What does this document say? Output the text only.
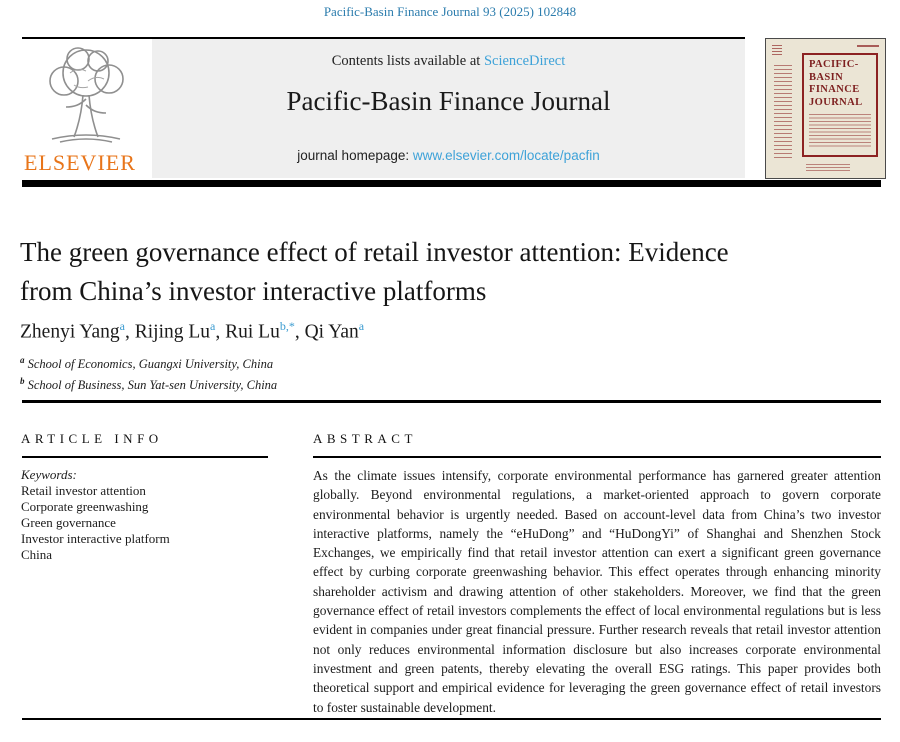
Pacific-Basin Finance Journal 93 (2025) 102848
ELSEVIER
Contents lists available at ScienceDirect
Pacific-Basin Finance Journal
journal homepage: www.elsevier.com/locate/pacfin
PACIFIC-
BASIN
FINANCE
JOURNAL
The green governance effect of retail investor attention: Evidence
from China’s investor interactive platforms
Zhenyi Yang$^a$, Rijing Lu$^a$, Rui $Lu^{b,*}$, Qi Yan$^a$
$^a$ School of Economics, Guangxi University, China
$^b$ School of Business, Sun Yat-sen University, China
ARTICLE INFO	ABSTRACT
Keywords:
Retail investor attention
Corporate greenwashing
Green governance
Investor interactive platform
China
As the climate issues intensify, corporate environmental performance has garnered greater attention globally. Beyond environmental regulations, a market-oriented approach to govern corporate environmental behavior is urgently needed. Based on account-level data from China’s two investor interactive platforms, namely the “eHuDong” and “HuDongYi” of Shanghai and Shenzhen Stock Exchanges, we empirically find that retail investor attention can exert a significant green governance effect by curbing corporate greenwashing behavior. This effect operates through enhancing minority shareholder activism and drawing attention of other stakeholders. Moreover, we find that the green governance effect of retail investors complements the effect of local environmental regulations but is less evident in companies under great financial pressure. Further research reveals that retail investor attention not only reduces environmental information disclosure but also increases corporate environmental investment and green patents, thereby elevating the overall ESG ratings. This paper provides both theoretical support and empirical evidence for leveraging the green governance effect of retail investors to foster sustainable development.
